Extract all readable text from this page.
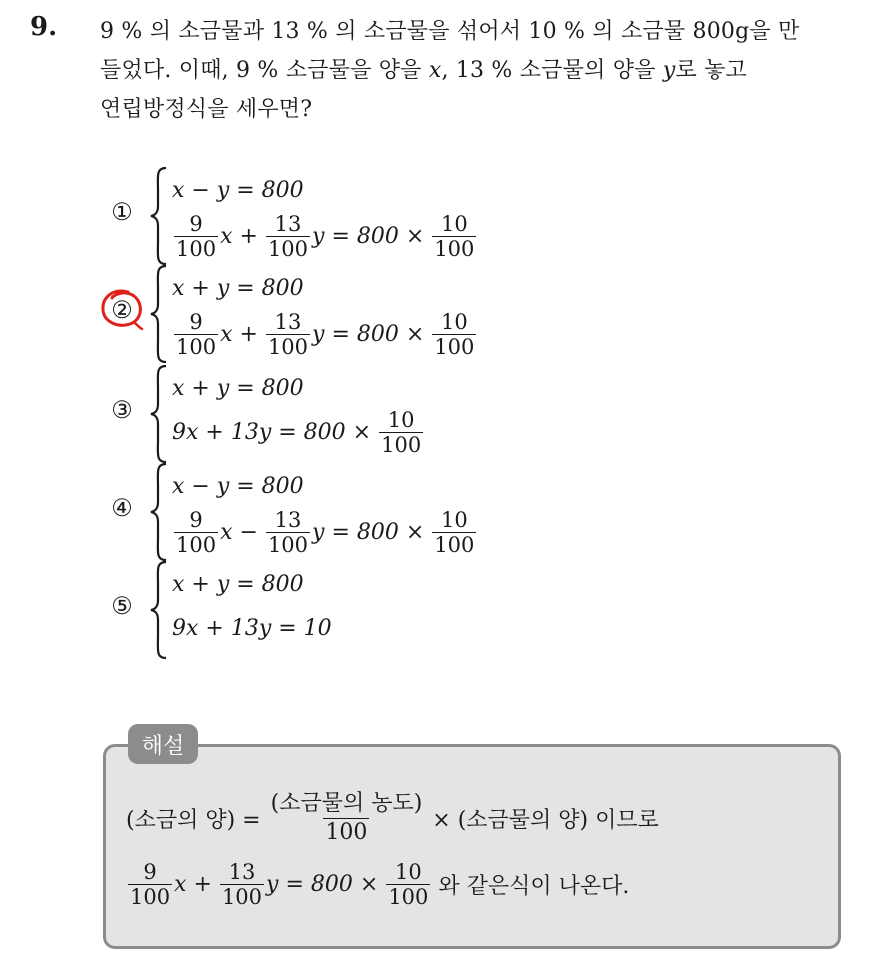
9. 9 % 의 소금물과 13 % 의 소금물을 섞어서 10 % 의 소금물 800g을 만

들었다. 이때, 9 % 소금물을 양을 x, 13 % 소금물의 양을 y로 놓고

연립방정식을 세우면?

①
x − y = 800
$\frac{9}{100}$ $x + \frac{13}{100}$ $y = 800 \times \frac{10}{100}$
②
x + y = 800
$\frac{9}{100}$ $x + \frac{13}{100}$ $y = 800 \times \frac{10}{100}$
③
x + y = 800
$9x + 13y = 800 \times \frac{10}{100}$
④
x − y = 800
$\frac{9}{100}$ $x - \frac{13}{100}$ $y = 800 \times \frac{10}{100}$
⑤
x + y = 800
9x + 13y = 10
해설
(소금의 양) = $\frac{\text{(소금물의 농도)}}{100}$ × (소금물의 양) 이므로
$\frac{9}{100}$ $x + \frac{13}{100}$ $y = 800 \times \frac{10}{100}$ 와 같은식이 나온다.
